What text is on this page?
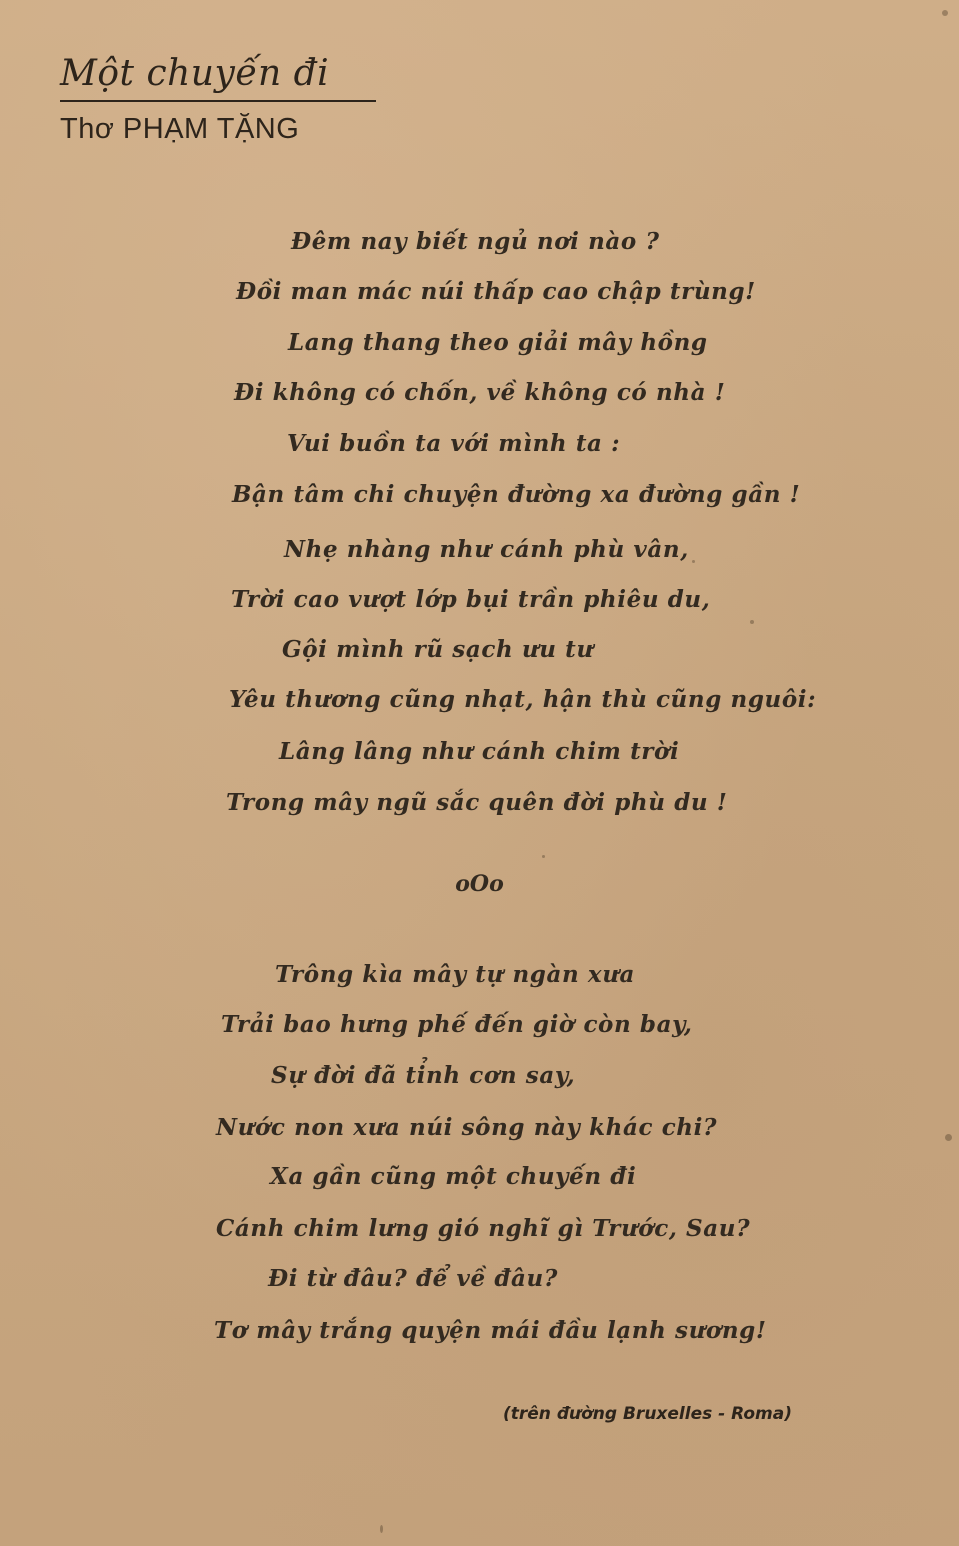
Một chuyến đi
Thơ PHẠM TẶNG
Đêm nay biết ngủ nơi nào ?
Đồi man mác núi thấp cao chập trùng!
Lang thang theo giải mây hồng
Đi không có chốn, về không có nhà !
Vui buồn ta với mình ta :
Bận tâm chi chuyện đường xa đường gần !
Nhẹ nhàng như cánh phù vân,
Trời cao vượt lớp bụi trần phiêu du,
Gội mình rũ sạch ưu tư
Yêu thương cũng nhạt, hận thù cũng nguôi:
Lâng lâng như cánh chim trời
Trong mây ngũ sắc quên đời phù du !
oOo
Trông kìa mây tự ngàn xưa
Trải bao hưng phế đến giờ còn bay,
Sự đời đã tỉnh cơn say,
Nước non xưa núi sông này khác chi?
Xa gần cũng một chuyến đi
Cánh chim lưng gió nghĩ gì Trước, Sau?
Đi từ đâu? để về đâu?
Tơ mây trắng quyện mái đầu lạnh sương!
(trên đường Bruxelles - Roma)
